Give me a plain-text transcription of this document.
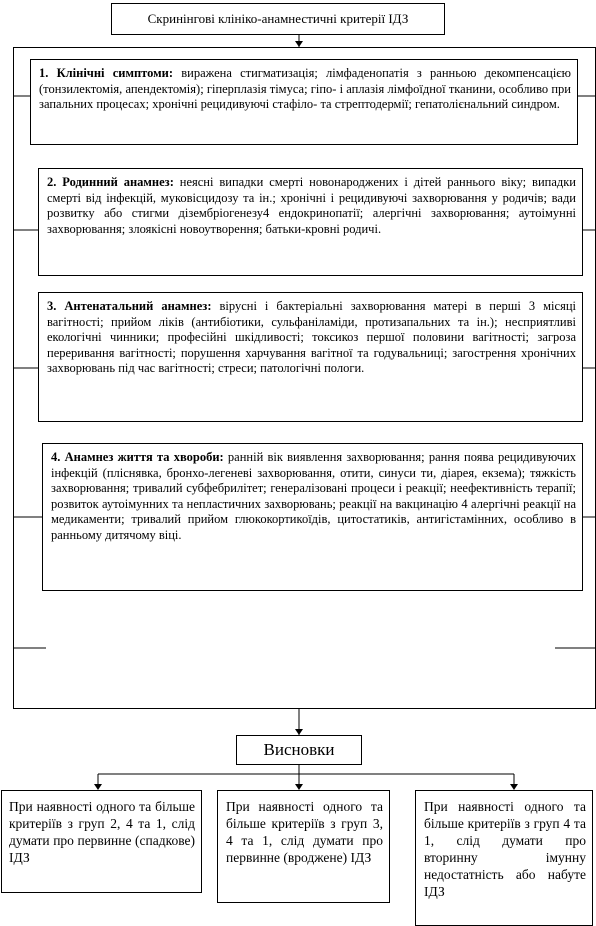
Скринінгові клініко-анамнестичні критерії ІДЗ
1. Клінічні симптоми: виражена стигматизація; лімфаденопатія з ранньою декомпенсацією (тонзилектомія, апендектомія); гіперплазія тімуса; гіпо- і аплазія лімфоїдної тканини, особливо при запальних процесах; хронічні рецидивуючі стафіло- та стрептодермії; гепатолієнальний синдром.
2. Родинний анамнез: неясні випадки смерті новонароджених і дітей раннього віку; випадки смерті від інфекцій, муковісцидозу та ін.; хронічні і рецидивуючі захворювання у родичів; вади розвитку або стигми дізембріогенезу4 ендокринопатії; алергічні захворювання; аутоімунні захворювання; злоякісні новоутворення; батьки-кровні родичі.
3. Антенатальний анамнез: вірусні і бактеріальні захворювання матері в перші 3 місяці вагітності; прийом ліків (антибіотики, сульфаніламіди, протизапальних та ін.); несприятливі екологічні чинники; професійні шкідливості; токсикоз першої половини вагітності; загроза переривання вагітності; порушення харчування вагітної та годувальниці; загострення хронічних захворювань під час вагітності; стреси; патологічні пологи.
4. Анамнез життя та хвороби: ранній вік виявлення захворювання; рання поява рецидивуючих інфекцій (пліснявка, бронхо-легеневі захворювання, отити, синуси ти, діарея, екзема); тяжкість захворювання; тривалий субфебрилітет; генералізовані процеси і реакції; неефективність терапії; розвиток аутоімунних та непластичних захворювань; реакції на вакцинацію 4 алергічні реакції на медикаменти; тривалий прийом глюкокортикоїдів, цитостатиків, антигістамінних, особливо в ранньому дитячому віці.
Висновки
При наявності одного та більше критеріїв з груп 2, 4 та 1, слід думати про первинне (спадкове) ІДЗ
При наявності одного та більше критеріїв з груп 3, 4 та 1, слід думати про первинне (вроджене) ІДЗ
При наявності одного та більше критеріїв з груп 4 та 1, слід думати про вторинну імунну недостатність або набуте ІДЗ
